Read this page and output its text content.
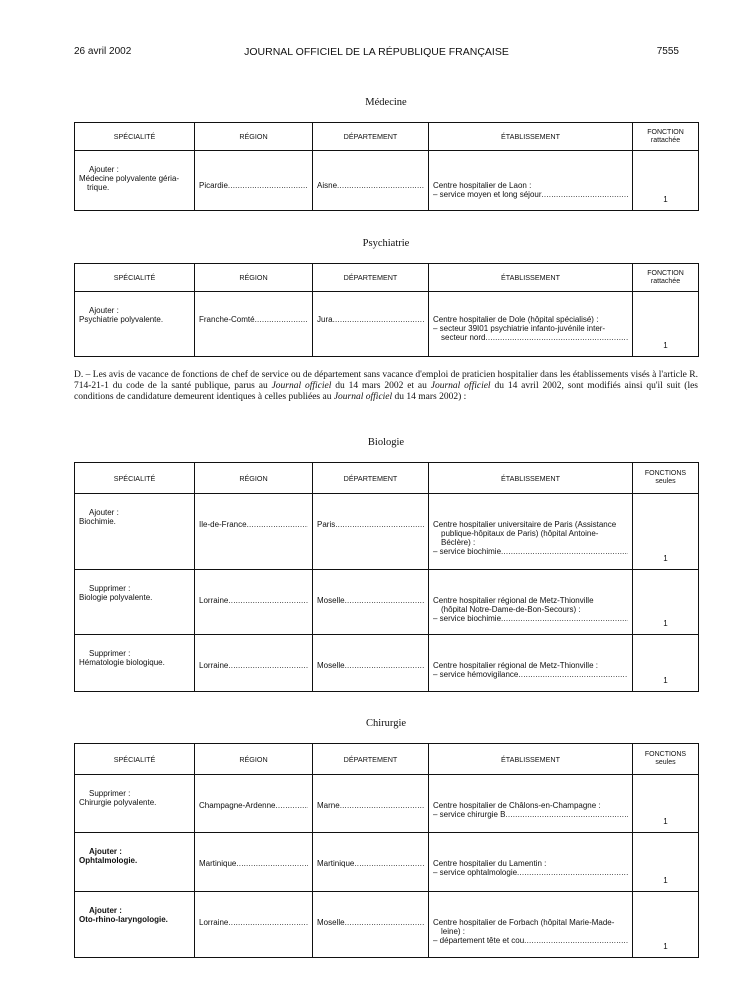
26 avril 2002	JOURNAL OFFICIEL DE LA RÉPUBLIQUE FRANÇAISE	7555
Médecine
SPÉCIALITÉ	RÉGION	DÉPARTEMENT	ÉTABLISSEMENT	FONCTION
rattachée

Ajouter :
Médecine polyvalente géria-
trique.	Picardie .....	Aisne .....	Centre hospitalier de Laon :
– service moyen et long séjour .....	1
Psychiatrie
SPÉCIALITÉ	RÉGION	DÉPARTEMENT	ÉTABLISSEMENT	FONCTION
rattachée

Ajouter :
Psychiatrie polyvalente.	Franche-Comté .....	Jura .....	Centre hospitalier de Dole (hôpital spécialisé) :
– secteur 39I01 psychiatrie infanto-juvénile inter-
secteur nord .....	1
D. – Les avis de vacance de fonctions de chef de service ou de département sans vacance d'emploi de praticien hospitalier dans les établissements visés à l'article R. 714-21-1 du code de la santé publique, parus au Journal officiel du 14 mars 2002 et au Journal officiel du 14 avril 2002, sont modifiés ainsi qu'il suit (les conditions de candidature demeurent identiques à celles publiées au Journal officiel du 14 mars 2002) :
Biologie
SPÉCIALITÉ	RÉGION	DÉPARTEMENT	ÉTABLISSEMENT	FONCTIONS
seules

Ajouter :
Biochimie.	Ile-de-France .....	Paris .....	Centre hospitalier universitaire de Paris (Assistance
publique-hôpitaux de Paris) (hôpital Antoine-
Béclère) :
– service biochimie .....	1

Supprimer :
Biologie polyvalente.	Lorraine .....	Moselle .....	Centre hospitalier régional de Metz-Thionville
(hôpital Notre-Dame-de-Bon-Secours) :
– service biochimie .....	1

Supprimer :
Hématologie biologique.	Lorraine .....	Moselle .....	Centre hospitalier régional de Metz-Thionville :
– service hémovigilance .....	1
Chirurgie
SPÉCIALITÉ	RÉGION	DÉPARTEMENT	ÉTABLISSEMENT	FONCTIONS
seules

Supprimer :
Chirurgie polyvalente.	Champagne-Ardenne .....	Marne .....	Centre hospitalier de Châlons-en-Champagne :
– service chirurgie B .....	1

Ajouter :
Ophtalmologie.	Martinique .....	Martinique .....	Centre hospitalier du Lamentin :
– service ophtalmologie .....	1

Ajouter :
Oto-rhino-laryngologie.	Lorraine .....	Moselle .....	Centre hospitalier de Forbach (hôpital Marie-Made-
leine) :
– département tête et cou .....	1
